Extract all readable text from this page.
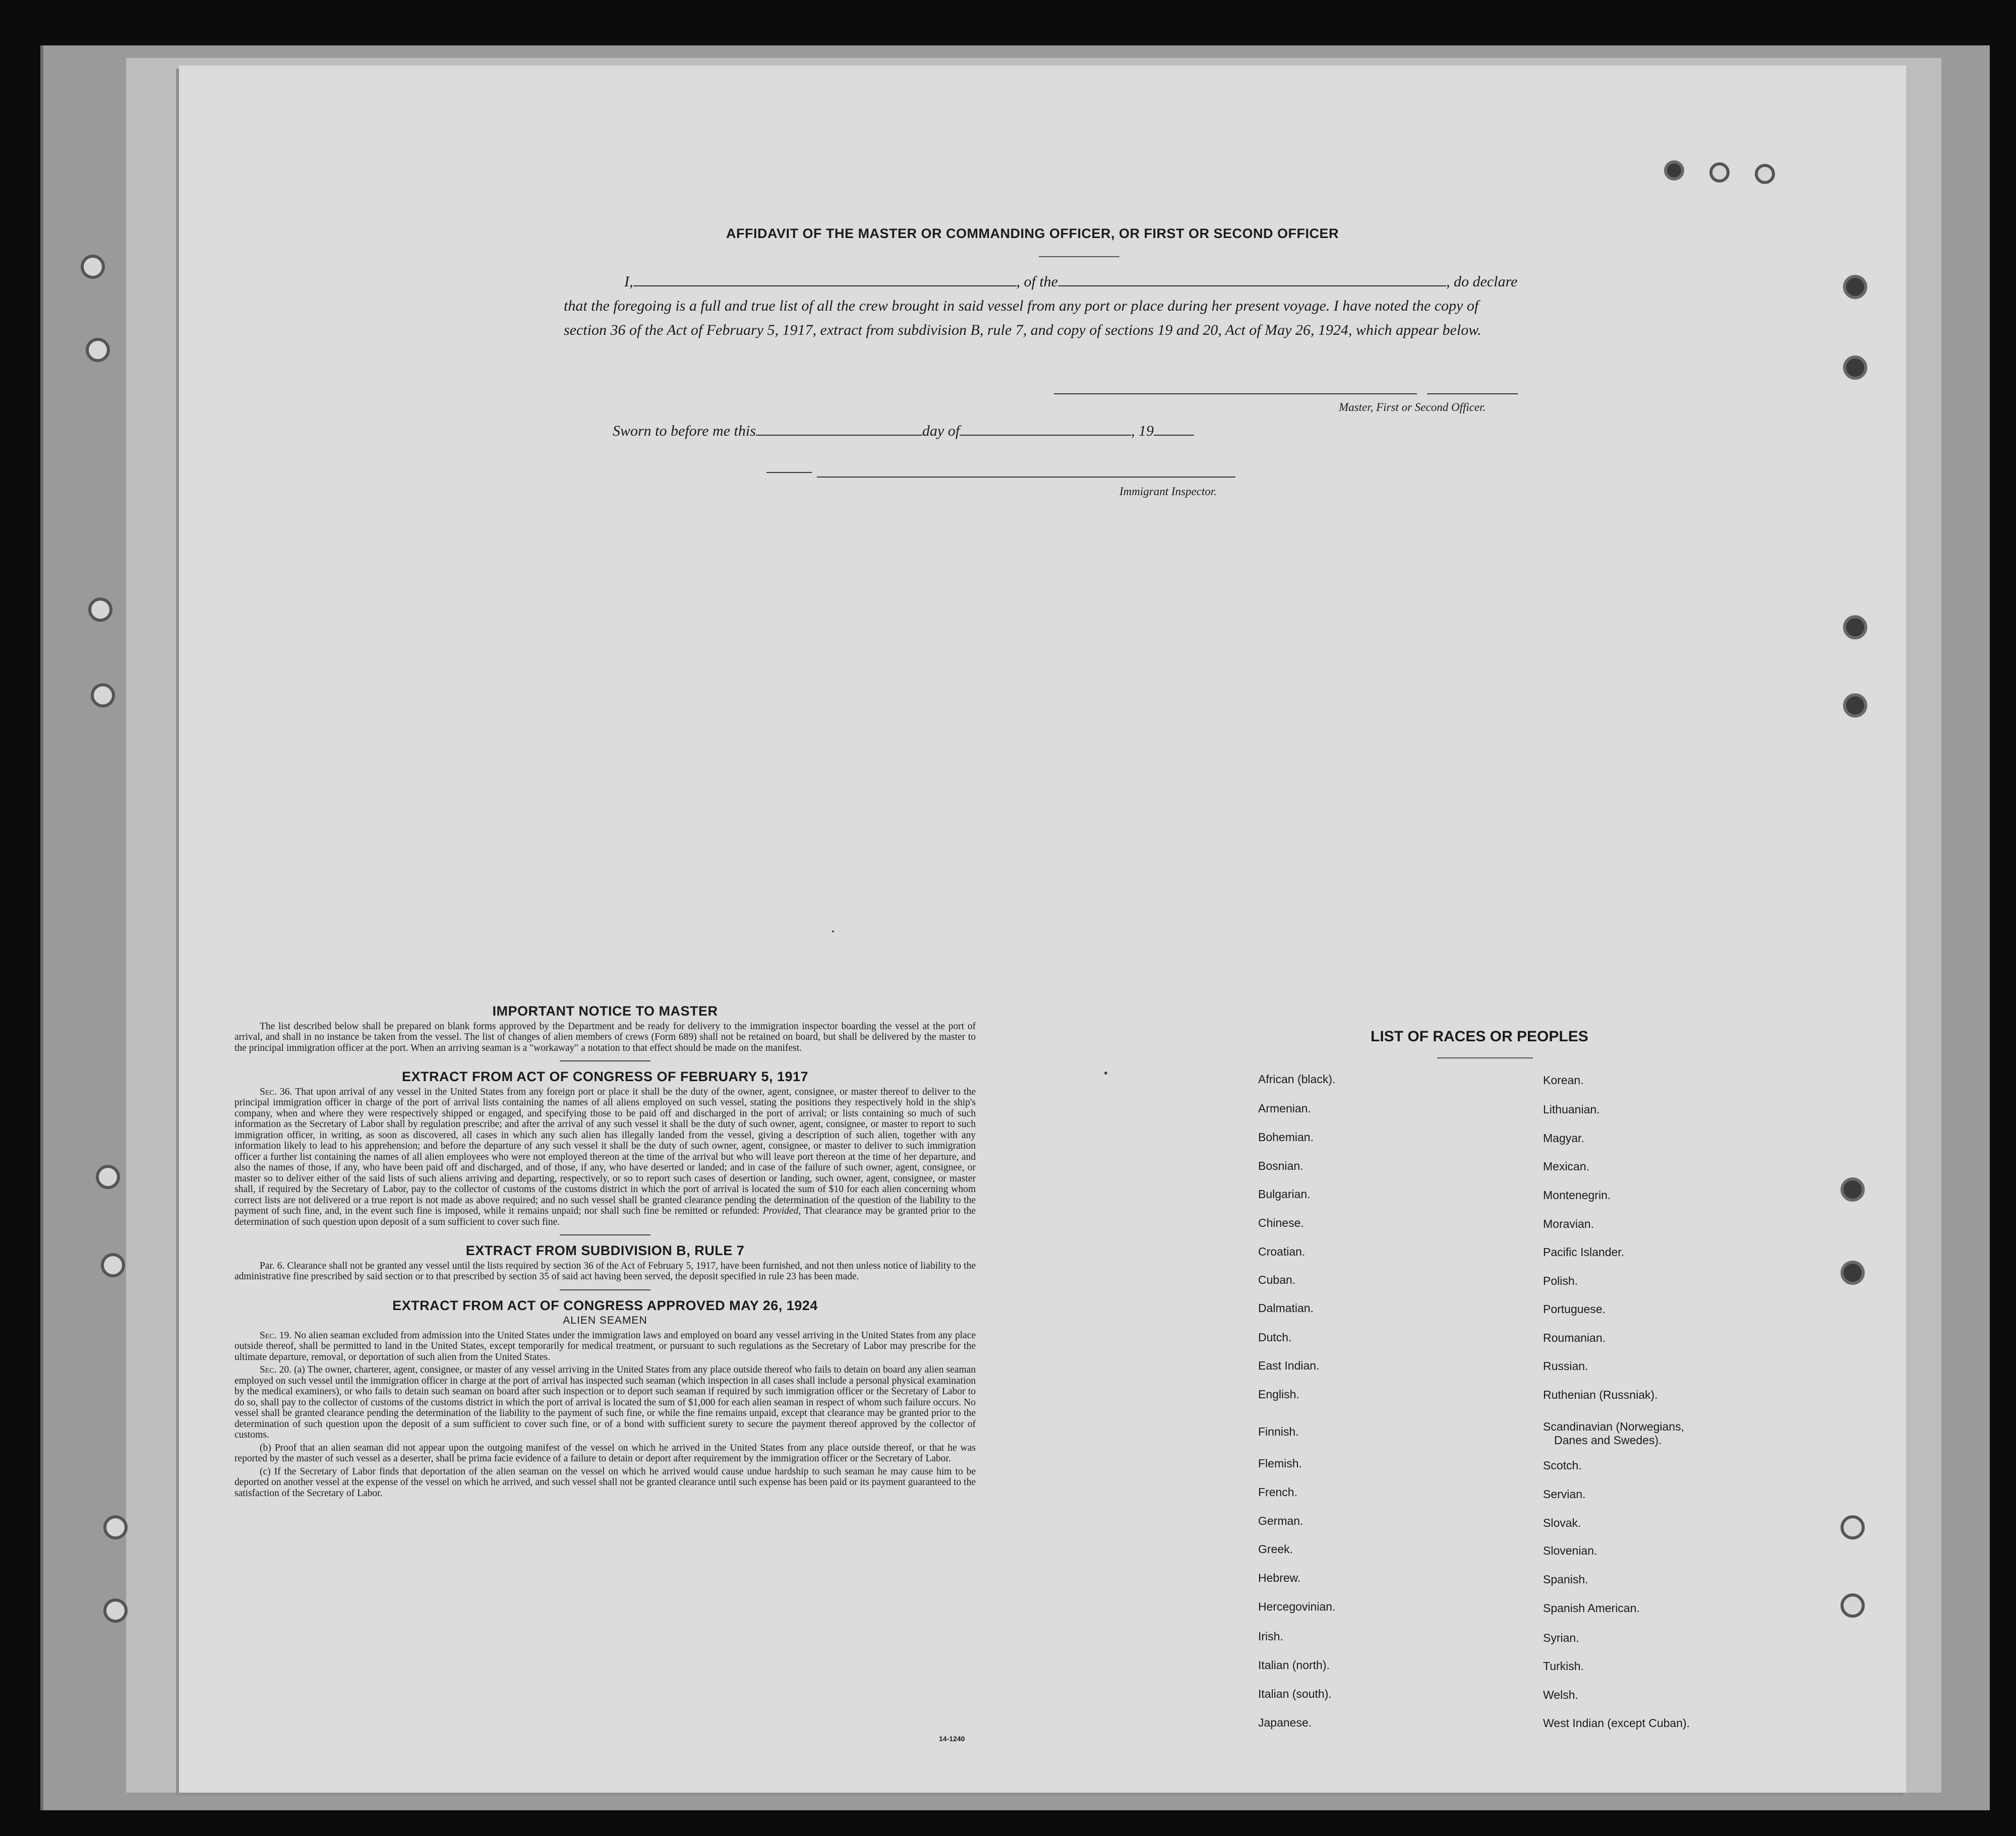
AFFIDAVIT OF THE MASTER OR COMMANDING OFFICER, OR FIRST OR SECOND OFFICER
I,	, of the	, do declare
that the foregoing is a full and true list of all the crew brought in said vessel from any port or place during her present voyage. I have noted the copy of section 36 of the Act of February 5, 1917, extract from subdivision B, rule 7, and copy of sections 19 and 20, Act of May 26, 1924, which appear below.
Master, First or Second Officer.
Sworn to before me this	day of	, 19
Immigrant Inspector.
IMPORTANT NOTICE TO MASTER

The list described below shall be prepared on blank forms approved by the Department and be ready for delivery to the immigration inspector boarding the vessel at the port of arrival, and shall in no instance be taken from the vessel. The list of changes of alien members of crews (Form 689) shall not be retained on board, but shall be delivered by the master to the principal immigration officer at the port. When an arriving seaman is a "workaway" a notation to that effect should be made on the manifest.

EXTRACT FROM ACT OF CONGRESS OF FEBRUARY 5, 1917

Sec. 36. That upon arrival of any vessel in the United States from any foreign port or place it shall be the duty of the owner, agent, consignee, or master thereof to deliver to the principal immigration officer in charge of the port of arrival lists containing the names of all aliens employed on such vessel, stating the positions they respectively hold in the ship's company, when and where they were respectively shipped or engaged, and specifying those to be paid off and discharged in the port of arrival; or lists containing so much of such information as the Secretary of Labor shall by regulation prescribe; and after the arrival of any such vessel it shall be the duty of such owner, agent, consignee, or master to report to such immigration officer, in writing, as soon as discovered, all cases in which any such alien has illegally landed from the vessel, giving a description of such alien, together with any information likely to lead to his apprehension; and before the departure of any such vessel it shall be the duty of such owner, agent, consignee, or master to deliver to such immigration officer a further list containing the names of all alien employees who were not employed thereon at the time of the arrival but who will leave port thereon at the time of her departure, and also the names of those, if any, who have been paid off and discharged, and of those, if any, who have deserted or landed; and in case of the failure of such owner, agent, consignee, or master so to deliver either of the said lists of such aliens arriving and departing, respectively, or so to report such cases of desertion or landing, such owner, agent, consignee, or master shall, if required by the Secretary of Labor, pay to the collector of customs of the customs district in which the port of arrival is located the sum of $10 for each alien concerning whom correct lists are not delivered or a true report is not made as above required; and no such vessel shall be granted clearance pending the determination of the question of the liability to the payment of such fine, and, in the event such fine is imposed, while it remains unpaid; nor shall such fine be remitted or refunded: Provided, That clearance may be granted prior to the determination of such question upon deposit of a sum sufficient to cover such fine.

EXTRACT FROM SUBDIVISION B, RULE 7

Par. 6. Clearance shall not be granted any vessel until the lists required by section 36 of the Act of February 5, 1917, have been furnished, and not then unless notice of liability to the administrative fine prescribed by said section or to that prescribed by section 35 of said act having been served, the deposit specified in rule 23 has been made.

EXTRACT FROM ACT OF CONGRESS APPROVED MAY 26, 1924
ALIEN SEAMEN

Sec. 19. No alien seaman excluded from admission into the United States under the immigration laws and employed on board any vessel arriving in the United States from any place outside thereof, shall be permitted to land in the United States, except temporarily for medical treatment, or pursuant to such regulations as the Secretary of Labor may prescribe for the ultimate departure, removal, or deportation of such alien from the United States.

Sec. 20. (a) The owner, charterer, agent, consignee, or master of any vessel arriving in the United States from any place outside thereof who fails to detain on board any alien seaman employed on such vessel until the immigration officer in charge at the port of arrival has inspected such seaman (which inspection in all cases shall include a personal physical examination by the medical examiners), or who fails to detain such seaman on board after such inspection or to deport such seaman if required by such immigration officer or the Secretary of Labor to do so, shall pay to the collector of customs of the customs district in which the port of arrival is located the sum of $1,000 for each alien seaman in respect of whom such failure occurs. No vessel shall be granted clearance pending the determination of the liability to the payment of such fine, or while the fine remains unpaid, except that clearance may be granted prior to the determination of such question upon the deposit of a sum sufficient to cover such fine, or of a bond with sufficient surety to secure the payment thereof approved by the collector of customs.

(b) Proof that an alien seaman did not appear upon the outgoing manifest of the vessel on which he arrived in the United States from any place outside thereof, or that he was reported by the master of such vessel as a deserter, shall be prima facie evidence of a failure to detain or deport after requirement by the immigration officer or the Secretary of Labor.

(c) If the Secretary of Labor finds that deportation of the alien seaman on the vessel on which he arrived would cause undue hardship to such seaman he may cause him to be deported on another vessel at the expense of the vessel on which he arrived, and such vessel shall not be granted clearance until such expense has been paid or its payment guaranteed to the satisfaction of the Secretary of Labor.

14-1240
LIST OF RACES OR PEOPLES
African (black).
Armenian.
Bohemian.
Bosnian.
Bulgarian.
Chinese.
Croatian.
Cuban.
Dalmatian.
Dutch.
East Indian.
English.
Finnish.
Flemish.
French.
German.
Greek.
Hebrew.
Hercegovinian.
Irish.
Italian (north).
Italian (south).
Japanese.
Korean.
Lithuanian.
Magyar.
Mexican.
Montenegrin.
Moravian.
Pacific Islander.
Polish.
Portuguese.
Roumanian.
Russian.
Ruthenian (Russniak).
Scandinavian (Norwegians,
Danes and Swedes).
Scotch.
Servian.
Slovak.
Slovenian.
Spanish.
Spanish American.
Syrian.
Turkish.
Welsh.
West Indian (except Cuban).
